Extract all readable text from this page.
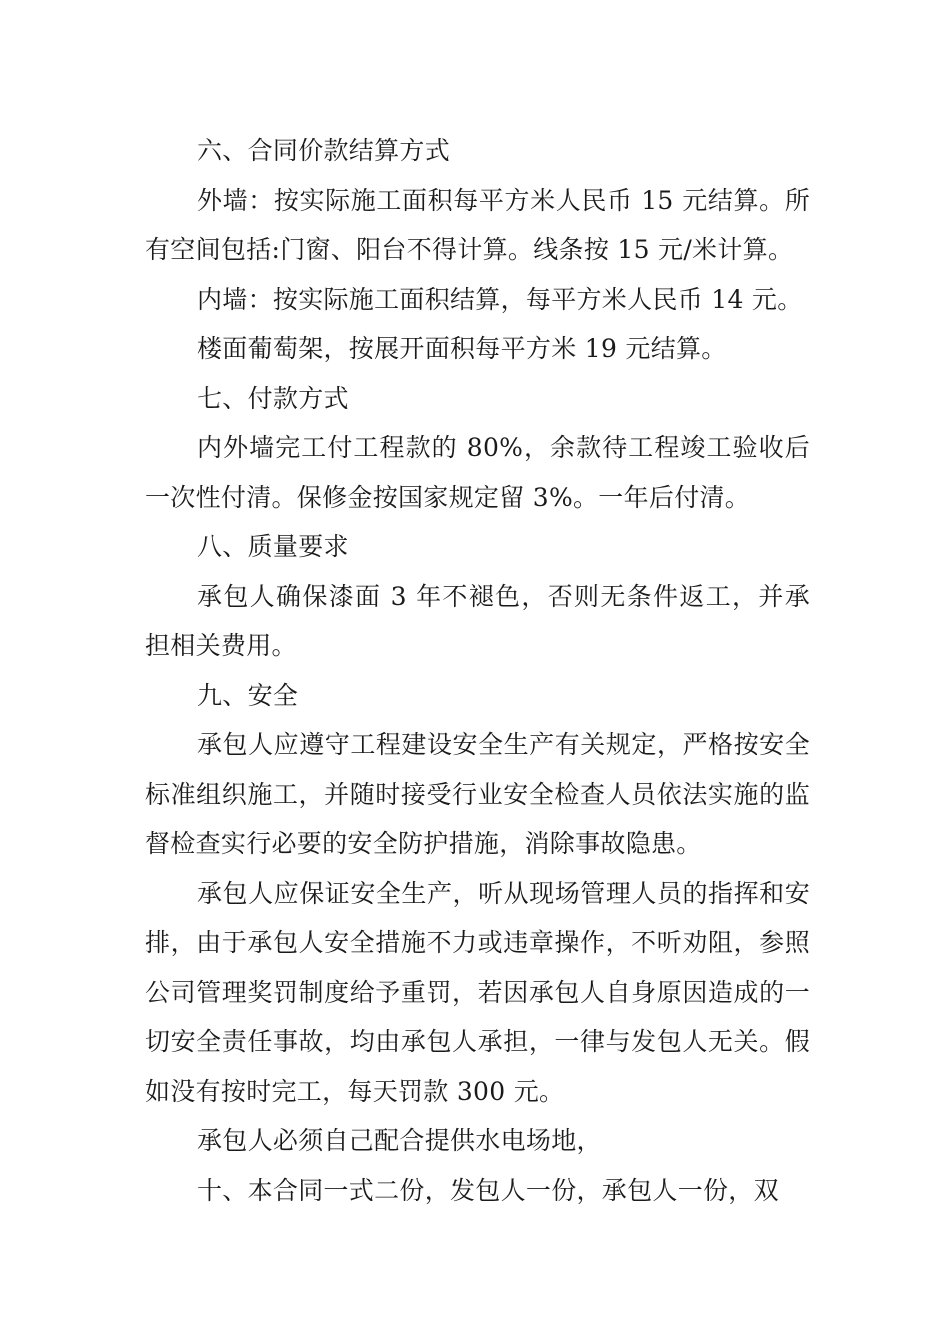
六、合同价款结算方式

外墙：按实际施工面积每平方米人民币 15 元结算。所有空间包括:门窗、阳台不得计算。线条按 15 元/米计算。

内墙：按实际施工面积结算，每平方米人民币 14 元。

楼面葡萄架，按展开面积每平方米 19 元结算。

七、付款方式

内外墙完工付工程款的 80%，余款待工程竣工验收后一次性付清。保修金按国家规定留 3%。一年后付清。

八、质量要求

承包人确保漆面 3 年不褪色，否则无条件返工，并承担相关费用。

九、安全

承包人应遵守工程建设安全生产有关规定，严格按安全标准组织施工，并随时接受行业安全检查人员依法实施的监督检查实行必要的安全防护措施，消除事故隐患。

承包人应保证安全生产，听从现场管理人员的指挥和安排，由于承包人安全措施不力或违章操作，不听劝阻，参照公司管理奖罚制度给予重罚，若因承包人自身原因造成的一切安全责任事故，均由承包人承担，一律与发包人无关。假如没有按时完工，每天罚款 300 元。

承包人必须自己配合提供水电场地，

十、本合同一式二份，发包人一份，承包人一份，双
